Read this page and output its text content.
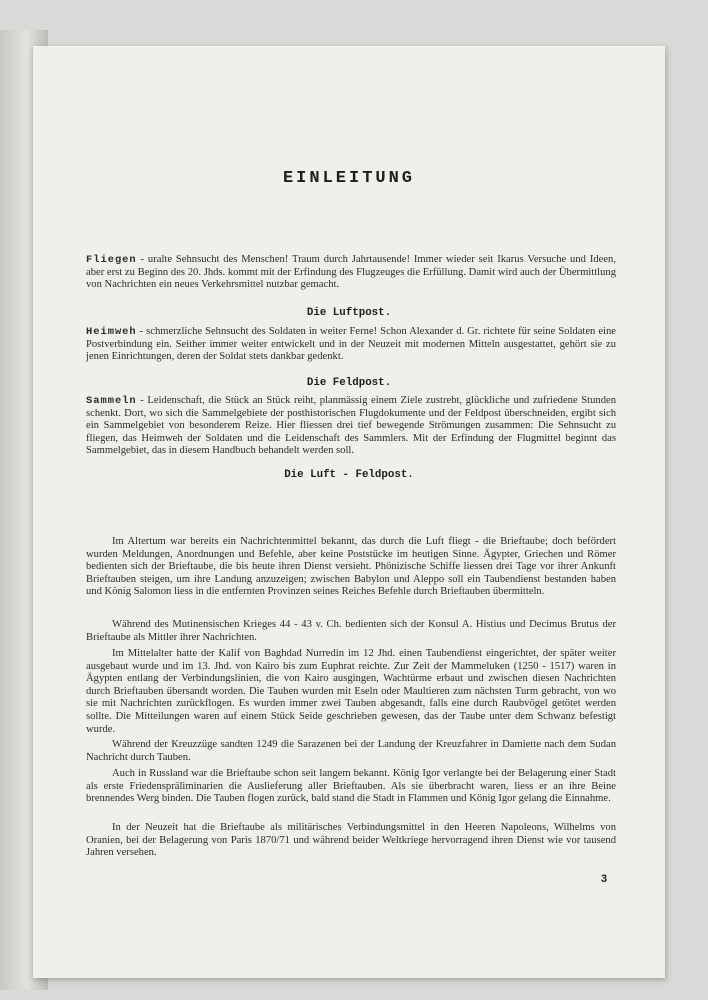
EINLEITUNG

Fliegen - uralte Sehnsucht des Menschen! Traum durch Jahrtausende! Immer wieder seit Ikarus Versuche und Ideen, aber erst zu Beginn des 20. Jhds. kommt mit der Erfindung des Flugzeuges die Erfüllung. Damit wird auch der Übermittlung von Nachrichten ein neues Verkehrsmittel nutzbar gemacht.

Die Luftpost.

Heimweh - schmerzliche Sehnsucht des Soldaten in weiter Ferne! Schon Alexander d. Gr. richtete für seine Soldaten eine Postverbindung ein. Seither immer weiter entwickelt und in der Neuzeit mit modernen Mitteln ausgestattet, gehört sie zu jenen Einrichtungen, deren der Soldat stets dankbar gedenkt.

Die Feldpost.

Sammeln - Leidenschaft, die Stück an Stück reiht, planmässig einem Ziele zustrebt, glückliche und zufriedene Stunden schenkt. Dort, wo sich die Sammelgebiete der posthistorischen Flugdokumente und der Feldpost überschneiden, ergibt sich ein Sammelgebiet von besonderem Reize. Hier fliessen drei tief bewegende Strömungen zusammen: Die Sehnsucht zu fliegen, das Heimweh der Soldaten und die Leidenschaft des Sammlers. Mit der Erfindung der Flugmittel beginnt das Sammelgebiet, das in diesem Handbuch behandelt werden soll.

Die Luft - Feldpost.

Im Altertum war bereits ein Nachrichtenmittel bekannt, das durch die Luft fliegt - die Brieftaube; doch befördert wurden Meldungen, Anordnungen und Befehle, aber keine Poststücke im heutigen Sinne. Ägypter, Griechen und Römer bedienten sich der Brieftaube, die bis heute ihren Dienst versieht. Phönizische Schiffe liessen drei Tage vor ihrer Ankunft Brieftauben steigen, um ihre Landung anzuzeigen; zwischen Babylon und Aleppo soll ein Taubendienst bestanden haben und König Salomon liess in die entfernten Provinzen seines Reiches Befehle durch Brieftauben übermitteln.

Während des Mutinensischen Krieges 44 - 43 v. Ch. bedienten sich der Konsul A. Histius und Decimus Brutus der Brieftaube als Mittler ihrer Nachrichten.

Im Mittelalter hatte der Kalif von Baghdad Nurredin im 12 Jhd. einen Taubendienst eingerichtet, der später weiter ausgebaut wurde und im 13. Jhd. von Kairo bis zum Euphrat reichte. Zur Zeit der Mammeluken (1250 - 1517) waren in Ägypten entlang der Verbindungslinien, die von Kairo ausgingen, Wachtürme erbaut und zwischen diesen Nachrichten durch Brieftauben übersandt worden. Die Tauben wurden mit Eseln oder Maultieren zum nächsten Turm gebracht, von wo sie mit Nachrichten zurückflogen. Es wurden immer zwei Tauben abgesandt, falls eine durch Raubvögel getötet werden sollte. Die Mitteilungen waren auf einem Stück Seide geschrieben gewesen, das der Taube unter dem Schwanz befestigt wurde.

Während der Kreuzzüge sandten 1249 die Sarazenen bei der Landung der Kreuzfahrer in Damiette nach dem Sudan Nachricht durch Tauben.

Auch in Russland war die Brieftaube schon seit langem bekannt. König Igor verlangte bei der Belagerung einer Stadt als erste Friedenspräliminarien die Auslieferung aller Brieftauben. Als sie überbracht waren, liess er an ihre Beine brennendes Werg binden. Die Tauben flogen zurück, bald stand die Stadt in Flammen und König Igor gelang die Einnahme.

In der Neuzeit hat die Brieftaube als militärisches Verbindungsmittel in den Heeren Napoleons, Wilhelms von Oranien, bei der Belagerung von Paris 1870/71 und während beider Weltkriege hervorragend ihren Dienst wie vor tausend Jahren versehen.

3
